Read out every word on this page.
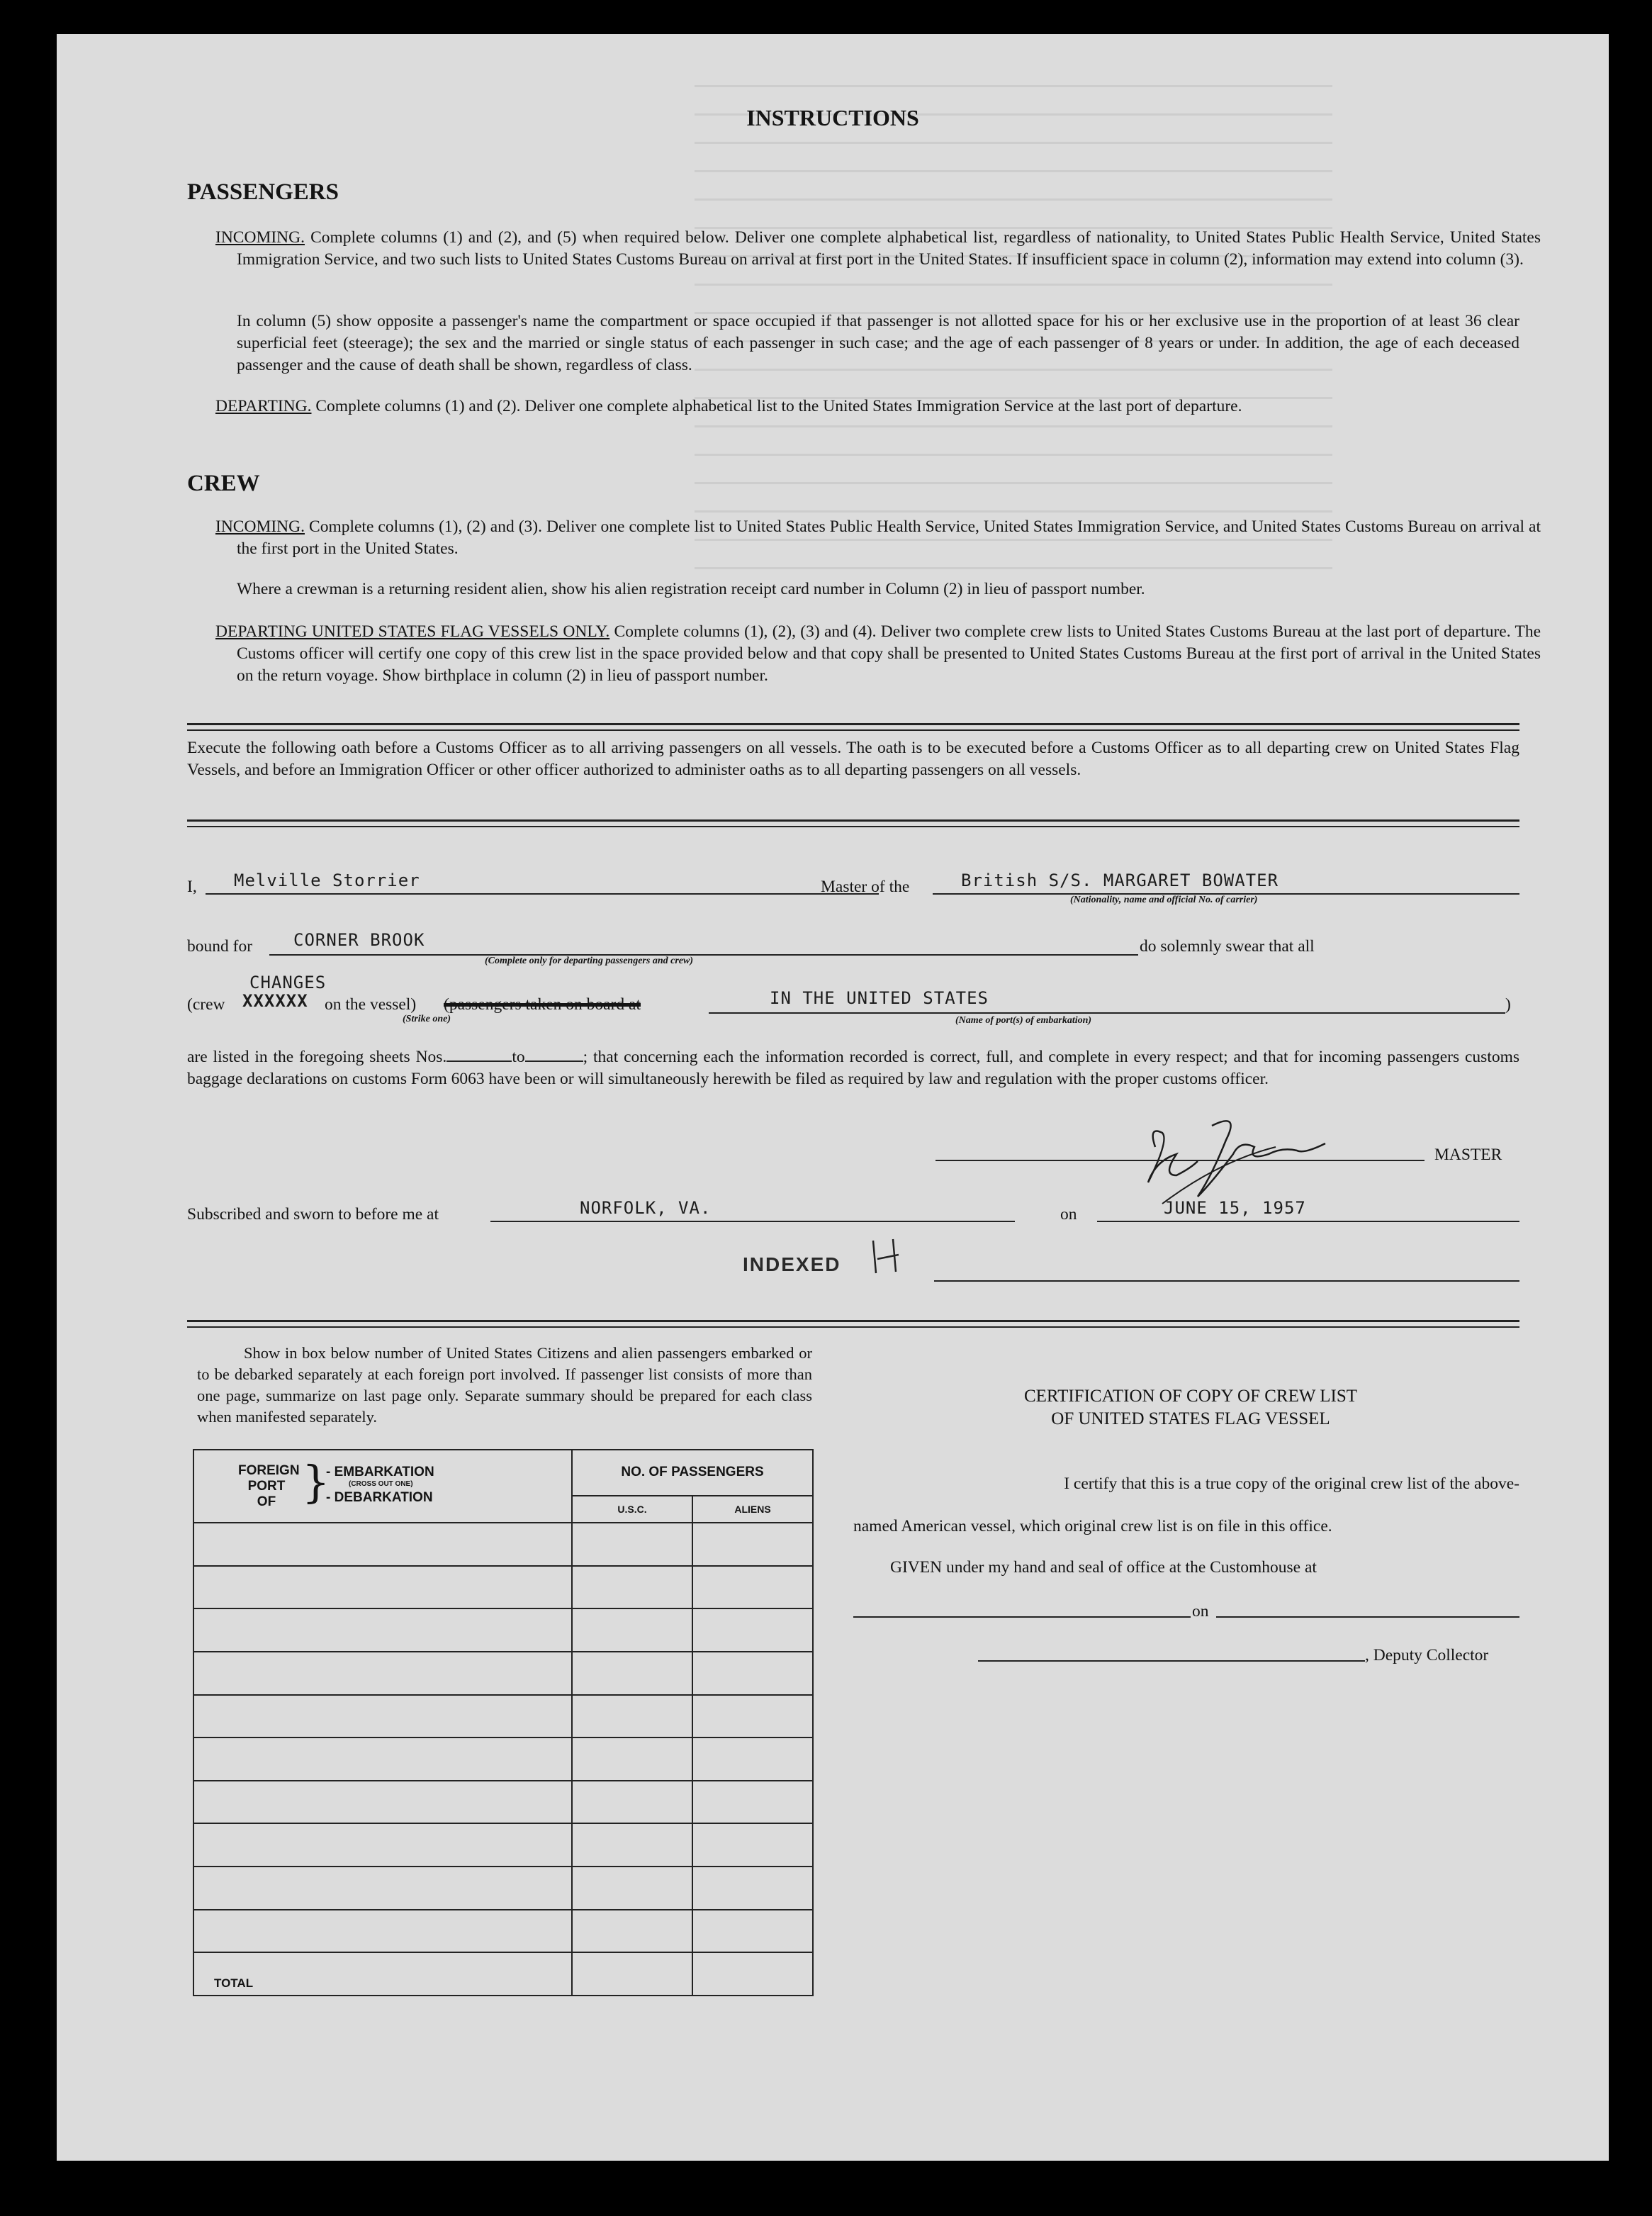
INSTRUCTIONS
PASSENGERS
INCOMING. Complete columns (1) and (2), and (5) when required below. Deliver one complete alphabetical list, regardless of nationality, to United States Public Health Service, United States Immigration Service, and two such lists to United States Customs Bureau on arrival at first port in the United States. If insufficient space in column (2), information may extend into column (3).
In column (5) show opposite a passenger's name the compartment or space occupied if that passenger is not allotted space for his or her exclusive use in the proportion of at least 36 clear superficial feet (steerage); the sex and the married or single status of each passenger in such case; and the age of each passenger of 8 years or under. In addition, the age of each deceased passenger and the cause of death shall be shown, regardless of class.
DEPARTING. Complete columns (1) and (2). Deliver one complete alphabetical list to the United States Immigration Service at the last port of departure.
CREW
INCOMING. Complete columns (1), (2) and (3). Deliver one complete list to United States Public Health Service, United States Immigration Service, and United States Customs Bureau on arrival at the first port in the United States.
Where a crewman is a returning resident alien, show his alien registration receipt card number in Column (2) in lieu of passport number.
DEPARTING UNITED STATES FLAG VESSELS ONLY. Complete columns (1), (2), (3) and (4). Deliver two complete crew lists to United States Customs Bureau at the last port of departure. The Customs officer will certify one copy of this crew list in the space provided below and that copy shall be presented to United States Customs Bureau at the first port of arrival in the United States on the return voyage. Show birthplace in column (2) in lieu of passport number.
Execute the following oath before a Customs Officer as to all arriving passengers on all vessels. The oath is to be executed before a Customs Officer as to all departing crew on United States Flag Vessels, and before an Immigration Officer or other officer authorized to administer oaths as to all departing passengers on all vessels.
I, Melville Storrier	Master of the	British S/S. MARGARET BOWATER
(Nationality, name and official No. of carrier)
bound for CORNER BROOK
(Complete only for departing passengers and crew)
do solemnly swear that all
CHANGES
(crew XXXXXX on the vessel)
(Strike one)
(passengers taken on board at	IN THE UNITED STATES
(Name of port(s) of embarkation)
)
are listed in the foregoing sheets Nos.	to	; that concerning each the information recorded is correct, full, and complete in every respect; and that for incoming passengers customs baggage declarations on customs Form 6063 have been or will simultaneously herewith be filed as required by law and regulation with the proper customs officer.
MASTER
Subscribed and sworn to before me at	NORFOLK, VA.	on	JUNE 15, 1957
INDEXED
Show in box below number of United States Citizens and alien passengers embarked or to be debarked separately at each foreign port involved. If passenger list consists of more than one page, summarize on last page only. Separate summary should be prepared for each class when manifested separately.
FOREIGN PORT OF }
- EMBARKATION
(CROSS OUT ONE)
- DEBARKATION	NO. OF PASSENGERS	
	U.S.C.	ALIENS

TOTAL		

CERTIFICATION OF COPY OF CREW LIST
OF UNITED STATES FLAG VESSEL
I certify that this is a true copy of the original crew list of the above-
named American vessel, which original crew list is on file in this office.
GIVEN under my hand and seal of office at the Customhouse at
on
, Deputy Collector
